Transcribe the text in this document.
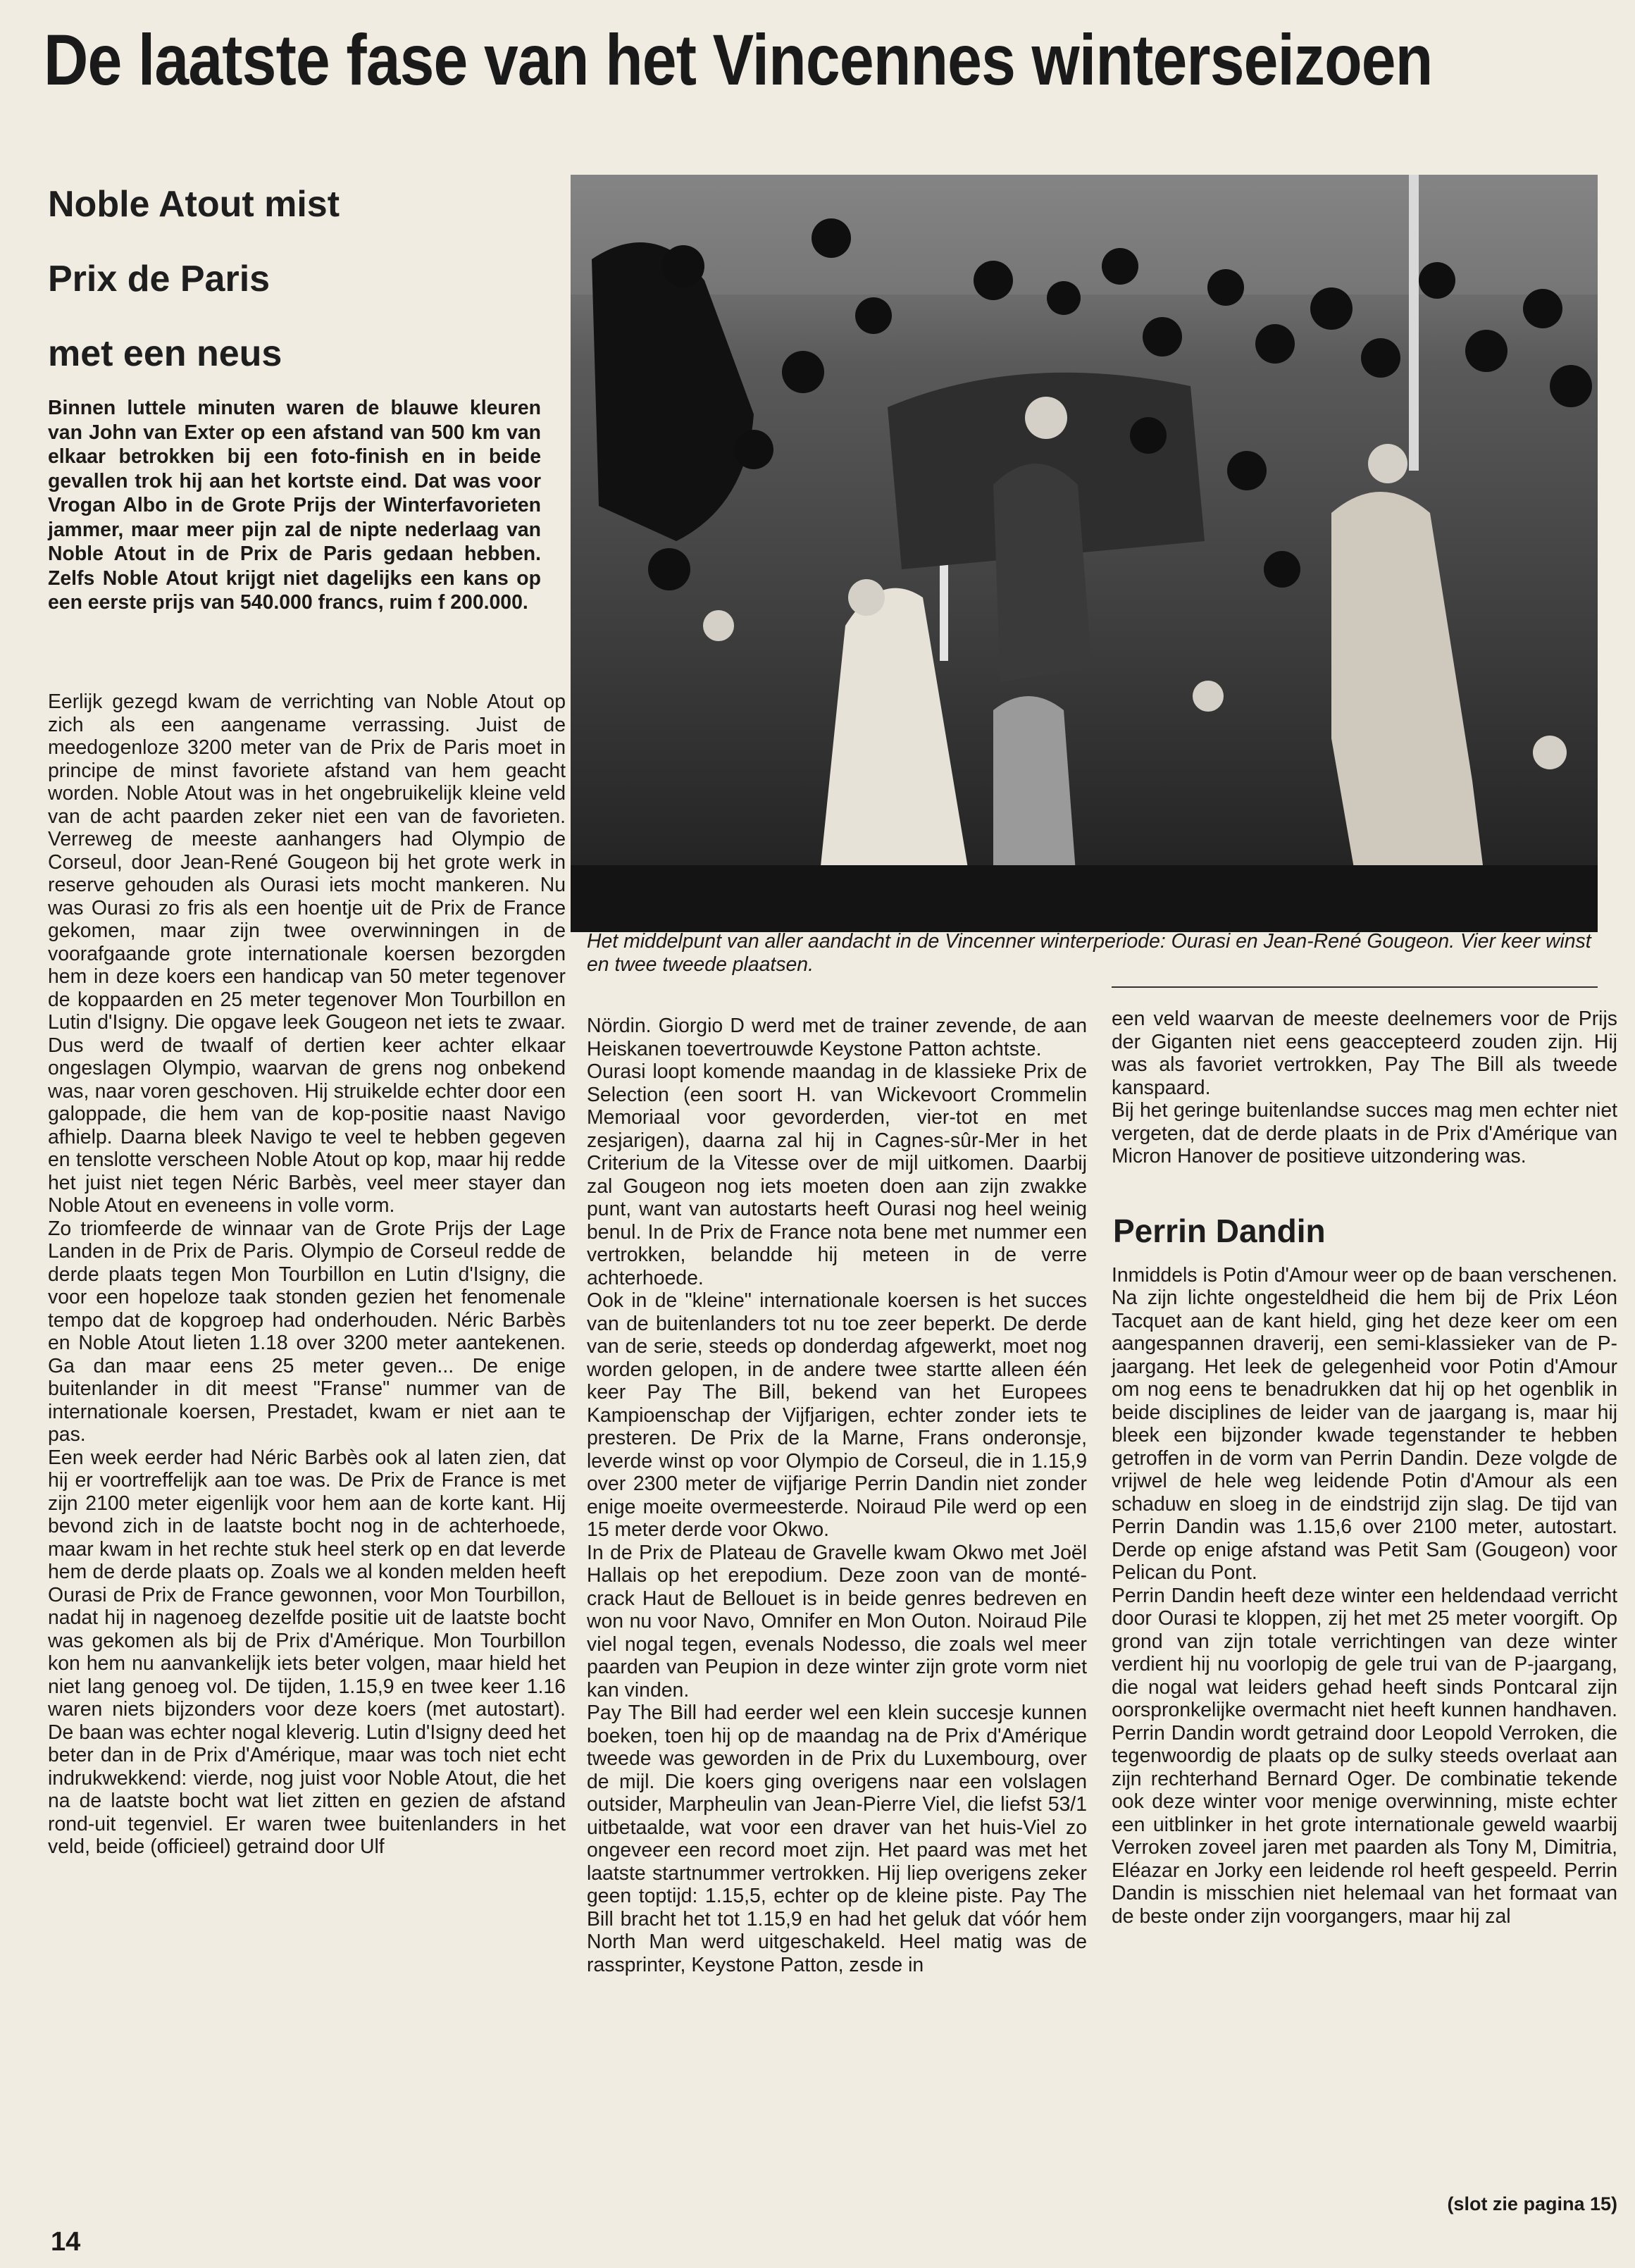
De laatste fase van het Vincennes winterseizoen
Noble Atout mist
Prix de Paris
met een neus

Binnen luttele minuten waren de blauwe kleuren van John van Exter op een afstand van 500 km van elkaar betrokken bij een foto-finish en in beide gevallen trok hij aan het kortste eind. Dat was voor Vrogan Albo in de Grote Prijs der Winterfavorieten jammer, maar meer pijn zal de nipte nederlaag van Noble Atout in de Prix de Paris gedaan hebben. Zelfs Noble Atout krijgt niet dagelijks een kans op een eerste prijs van 540.000 francs, ruim f 200.000.

Het middelpunt van aller aandacht in de Vincenner winterperiode: Ourasi en Jean-René Gougeon. Vier keer winst en twee tweede plaatsen.

Eerlijk gezegd kwam de verrichting van Noble Atout op zich als een aangename verrassing. Juist de meedogenloze 3200 meter van de Prix de Paris moet in principe de minst favoriete afstand van hem geacht worden. Noble Atout was in het ongebruikelijk kleine veld van de acht paarden zeker niet een van de favorieten. Verreweg de meeste aanhangers had Olympio de Corseul, door Jean-René Gougeon bij het grote werk in reserve gehouden als Ourasi iets mocht mankeren. Nu was Ourasi zo fris als een hoentje uit de Prix de France gekomen, maar zijn twee overwinningen in de voorafgaande grote internationale koersen bezorgden hem in deze koers een handicap van 50 meter tegenover de koppaarden en 25 meter tegenover Mon Tourbillon en Lutin d'Isigny. Die opgave leek Gougeon net iets te zwaar. Dus werd de twaalf of dertien keer achter elkaar ongeslagen Olympio, waarvan de grens nog onbekend was, naar voren geschoven. Hij struikelde echter door een galoppade, die hem van de kop-positie naast Navigo afhielp. Daarna bleek Navigo te veel te hebben gegeven en tenslotte verscheen Noble Atout op kop, maar hij redde het juist niet tegen Néric Barbès, veel meer stayer dan Noble Atout en eveneens in volle vorm.

Zo triomfeerde de winnaar van de Grote Prijs der Lage Landen in de Prix de Paris. Olympio de Corseul redde de derde plaats tegen Mon Tourbillon en Lutin d'Isigny, die voor een hopeloze taak stonden gezien het fenomenale tempo dat de kopgroep had onderhouden. Néric Barbès en Noble Atout lieten 1.18 over 3200 meter aantekenen. Ga dan maar eens 25 meter geven... De enige buitenlander in dit meest "Franse" nummer van de internationale koersen, Prestadet, kwam er niet aan te pas.

Een week eerder had Néric Barbès ook al laten zien, dat hij er voortreffelijk aan toe was. De Prix de France is met zijn 2100 meter eigenlijk voor hem aan de korte kant. Hij bevond zich in de laatste bocht nog in de achterhoede, maar kwam in het rechte stuk heel sterk op en dat leverde hem de derde plaats op. Zoals we al konden melden heeft Ourasi de Prix de France gewonnen, voor Mon Tourbillon, nadat hij in nagenoeg dezelfde positie uit de laatste bocht was gekomen als bij de Prix d'Amérique. Mon Tourbillon kon hem nu aanvankelijk iets beter volgen, maar hield het niet lang genoeg vol. De tijden, 1.15,9 en twee keer 1.16 waren niets bijzonders voor deze koers (met autostart). De baan was echter nogal kleverig. Lutin d'Isigny deed het beter dan in de Prix d'Amérique, maar was toch niet echt indrukwekkend: vierde, nog juist voor Noble Atout, die het na de laatste bocht wat liet zitten en gezien de afstand rond-uit tegenviel. Er waren twee buitenlanders in het veld, beide (officieel) getraind door Ulf

Nördin. Giorgio D werd met de trainer zevende, de aan Heiskanen toevertrouwde Keystone Patton achtste.

Ourasi loopt komende maandag in de klassieke Prix de Selection (een soort H. van Wickevoort Crommelin Memoriaal voor gevorderden, vier-tot en met zesjarigen), daarna zal hij in Cagnes-sûr-Mer in het Criterium de la Vitesse over de mijl uitkomen. Daarbij zal Gougeon nog iets moeten doen aan zijn zwakke punt, want van autostarts heeft Ourasi nog heel weinig benul. In de Prix de France nota bene met nummer een vertrokken, belandde hij meteen in de verre achterhoede.

Ook in de "kleine" internationale koersen is het succes van de buitenlanders tot nu toe zeer beperkt. De derde van de serie, steeds op donderdag afgewerkt, moet nog worden gelopen, in de andere twee startte alleen één keer Pay The Bill, bekend van het Europees Kampioenschap der Vijfjarigen, echter zonder iets te presteren. De Prix de la Marne, Frans onderonsje, leverde winst op voor Olympio de Corseul, die in 1.15,9 over 2300 meter de vijfjarige Perrin Dandin niet zonder enige moeite overmeesterde. Noiraud Pile werd op een 15 meter derde voor Okwo.

In de Prix de Plateau de Gravelle kwam Okwo met Joël Hallais op het erepodium. Deze zoon van de monté-crack Haut de Bellouet is in beide genres bedreven en won nu voor Navo, Omnifer en Mon Outon. Noiraud Pile viel nogal tegen, evenals Nodesso, die zoals wel meer paarden van Peupion in deze winter zijn grote vorm niet kan vinden.

Pay The Bill had eerder wel een klein succesje kunnen boeken, toen hij op de maandag na de Prix d'Amérique tweede was geworden in de Prix du Luxembourg, over de mijl. Die koers ging overigens naar een volslagen outsider, Marpheulin van Jean-Pierre Viel, die liefst 53/1 uitbetaalde, wat voor een draver van het huis-Viel zo ongeveer een record moet zijn. Het paard was met het laatste startnummer vertrokken. Hij liep overigens zeker geen toptijd: 1.15,5, echter op de kleine piste. Pay The Bill bracht het tot 1.15,9 en had het geluk dat vóór hem North Man werd uitgeschakeld. Heel matig was de rassprinter, Keystone Patton, zesde in

een veld waarvan de meeste deelnemers voor de Prijs der Giganten niet eens geaccepteerd zouden zijn. Hij was als favoriet vertrokken, Pay The Bill als tweede kanspaard.

Bij het geringe buitenlandse succes mag men echter niet vergeten, dat de derde plaats in de Prix d'Amérique van Micron Hanover de positieve uitzondering was.

Perrin Dandin

Inmiddels is Potin d'Amour weer op de baan verschenen. Na zijn lichte ongesteldheid die hem bij de Prix Léon Tacquet aan de kant hield, ging het deze keer om een aangespannen draverij, een semi-klassieker van de P-jaargang. Het leek de gelegenheid voor Potin d'Amour om nog eens te benadrukken dat hij op het ogenblik in beide disciplines de leider van de jaargang is, maar hij bleek een bijzonder kwade tegenstander te hebben getroffen in de vorm van Perrin Dandin. Deze volgde de vrijwel de hele weg leidende Potin d'Amour als een schaduw en sloeg in de eindstrijd zijn slag. De tijd van Perrin Dandin was 1.15,6 over 2100 meter, autostart. Derde op enige afstand was Petit Sam (Gougeon) voor Pelican du Pont.

Perrin Dandin heeft deze winter een heldendaad verricht door Ourasi te kloppen, zij het met 25 meter voorgift. Op grond van zijn totale verrichtingen van deze winter verdient hij nu voorlopig de gele trui van de P-jaargang, die nogal wat leiders gehad heeft sinds Pontcaral zijn oorspronkelijke overmacht niet heeft kunnen handhaven. Perrin Dandin wordt getraind door Leopold Verroken, die tegenwoordig de plaats op de sulky steeds overlaat aan zijn rechterhand Bernard Oger. De combinatie tekende ook deze winter voor menige overwinning, miste echter een uitblinker in het grote internationale geweld waarbij Verroken zoveel jaren met paarden als Tony M, Dimitria, Eléazar en Jorky een leidende rol heeft gespeeld. Perrin Dandin is misschien niet helemaal van het formaat van de beste onder zijn voorgangers, maar hij zal

(slot zie pagina 15)

14
